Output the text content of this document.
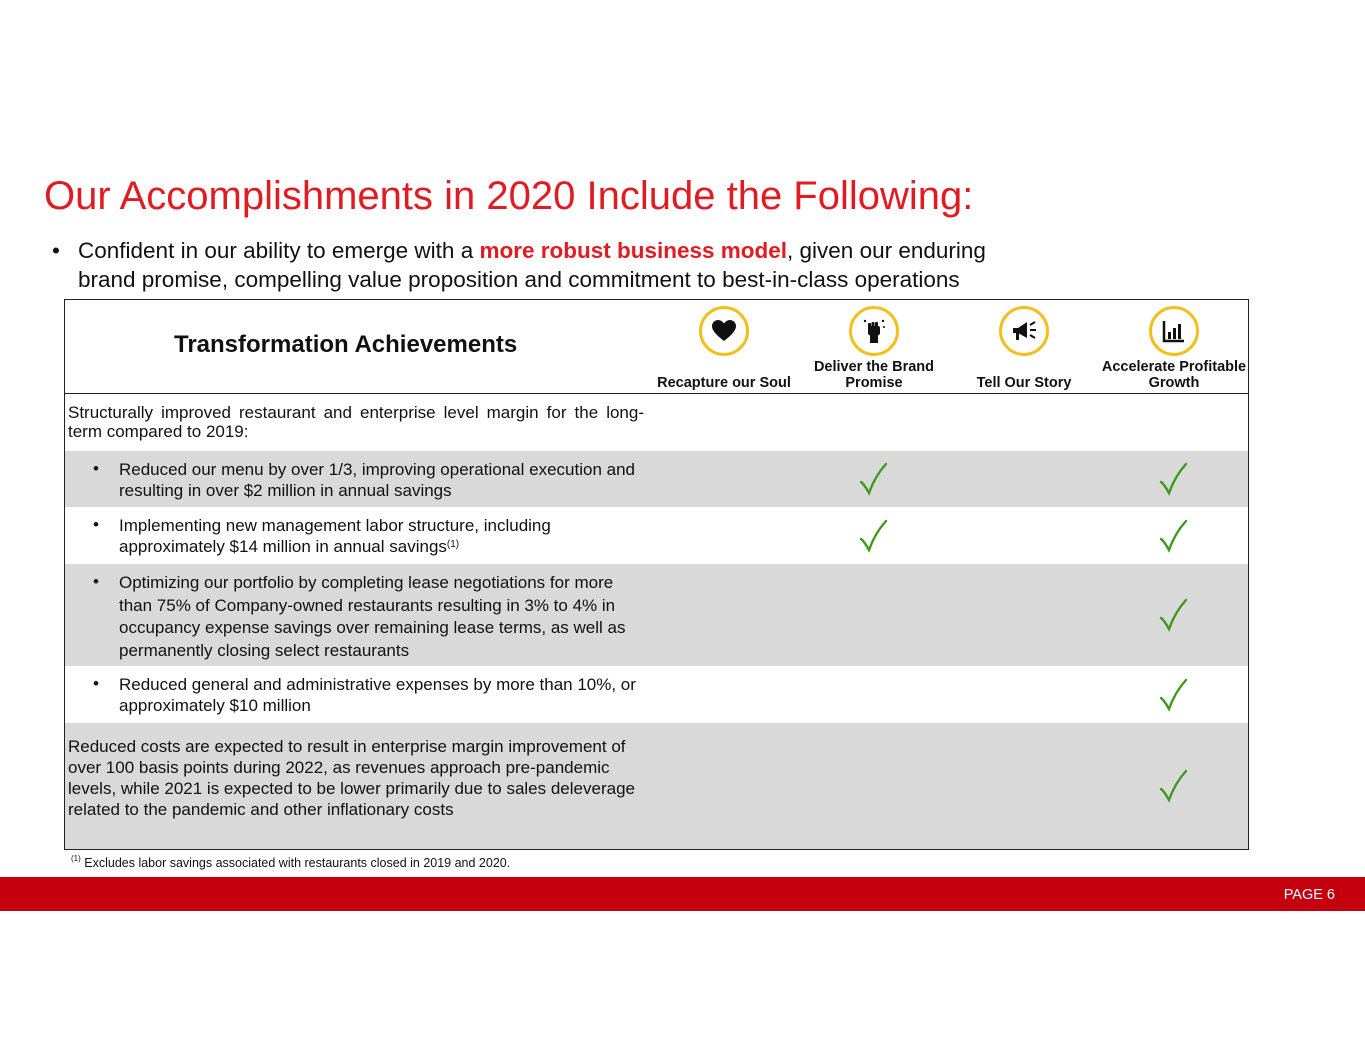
Our Accomplishments in 2020 Include the Following:
• Confident in our ability to emerge with a more robust business model, given our enduring brand promise, compelling value proposition and commitment to best-in-class operations
Transformation Achievements
Recapture our Soul
Deliver the Brand Promise	Tell Our Story
Accelerate Profitable Growth
Structurally improved restaurant and enterprise level margin for the long-term compared to 2019:
• Reduced our menu by over 1/3, improving operational execution and resulting in over $2 million in annual savings
• Implementing new management labor structure, including approximately $14 million in annual savings$^{(1)}$
• Optimizing our portfolio by completing lease negotiations for more than 75% of Company-owned restaurants resulting in 3% to 4% in occupancy expense savings over remaining lease terms, as well as permanently closing select restaurants
• Reduced general and administrative expenses by more than 10%, or approximately $10 million
Reduced costs are expected to result in enterprise margin improvement of over 100 basis points during 2022, as revenues approach pre-pandemic levels, while 2021 is expected to be lower primarily due to sales deleverage related to the pandemic and other inflationary costs
$^{(1)}$ Excludes labor savings associated with restaurants closed in 2019 and 2020.
PAGE 6
